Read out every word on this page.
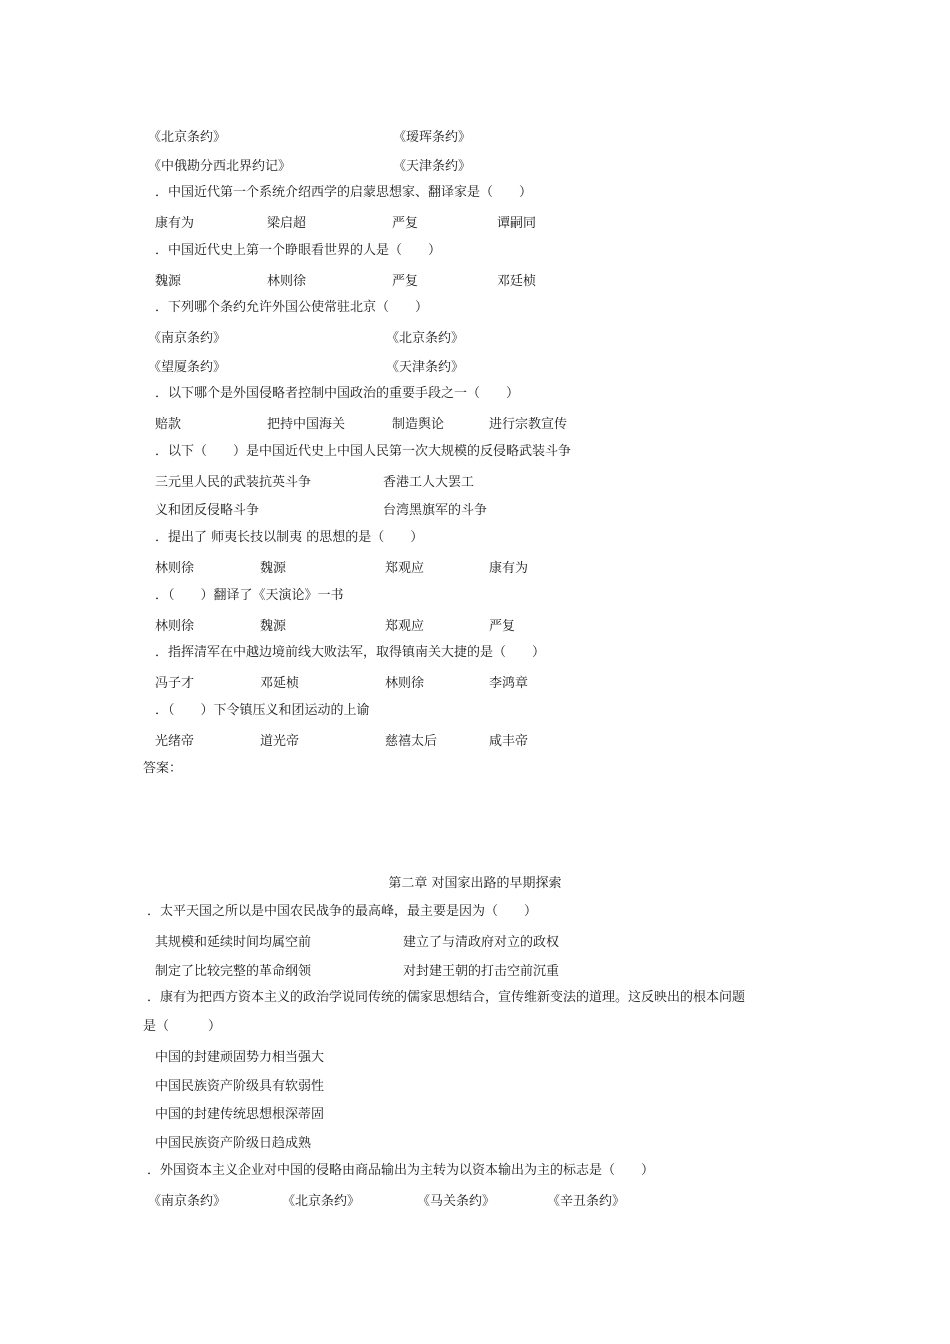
《北京条约》	《瑷珲条约》
《中俄勘分西北界约记》	《天津条约》
．中国近代第一个系统介绍西学的启蒙思想家、翻译家是（　　）
康有为	梁启超	严复	谭嗣同
．中国近代史上第一个睁眼看世界的人是（　　）
魏源	林则徐	严复	邓廷桢
．下列哪个条约允许外国公使常驻北京（　　）
《南京条约》	《北京条约》
《望厦条约》	《天津条约》
．以下哪个是外国侵略者控制中国政治的重要手段之一（　　）
赔款	把持中国海关	制造舆论	进行宗教宣传
．以下（　　）是中国近代史上中国人民第一次大规模的反侵略武装斗争
三元里人民的武装抗英斗争	香港工人大罢工
义和团反侵略斗争	台湾黑旗军的斗争
．提出了 师夷长技以制夷 的思想的是（　　）
林则徐	魏源	郑观应	康有为
．（　　）翻译了《天演论》一书
林则徐	魏源	郑观应	严复
．指挥清军在中越边境前线大败法军，取得镇南关大捷的是（　　）
冯子才	邓延桢	林则徐	李鸿章
．（　　）下令镇压义和团运动的上谕
光绪帝	道光帝	慈禧太后	咸丰帝
答案：
第二章 对国家出路的早期探索
．太平天国之所以是中国农民战争的最高峰，最主要是因为（　　）
其规模和延续时间均属空前	建立了与清政府对立的政权
制定了比较完整的革命纲领	对封建王朝的打击空前沉重
．康有为把西方资本主义的政治学说同传统的儒家思想结合，宣传维新变法的道理。这反映出的根本问题
是（　　　）
中国的封建顽固势力相当强大
中国民族资产阶级具有软弱性
中国的封建传统思想根深蒂固
中国民族资产阶级日趋成熟
．外国资本主义企业对中国的侵略由商品输出为主转为以资本输出为主的标志是（　　）
《南京条约》	《北京条约》	《马关条约》	《辛丑条约》
